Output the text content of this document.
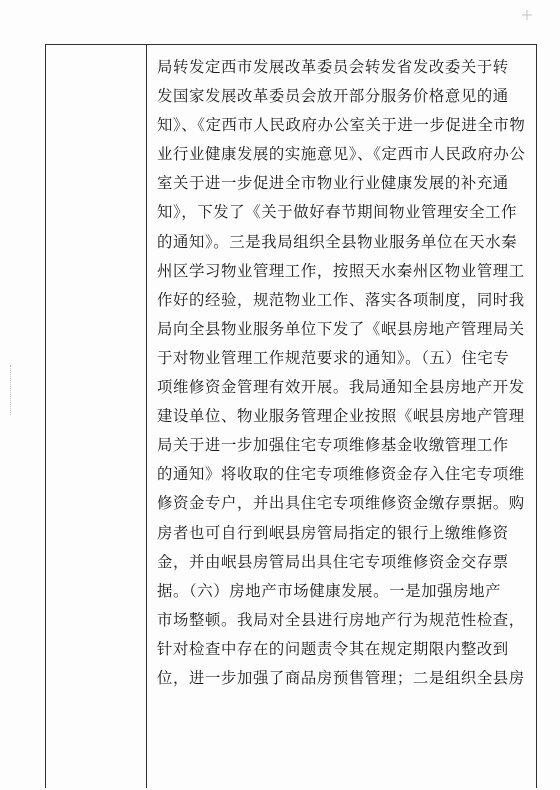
局转发定西市发展改革委员会转发省发改委关于转
发国家发展改革委员会放开部分服务价格意见的通
知》、《定西市人民政府办公室关于进一步促进全市物
业行业健康发展的实施意见》、《定西市人民政府办公
室关于进一步促进全市物业行业健康发展的补充通
知》，下发了《关于做好春节期间物业管理安全工作
的通知》。三是我局组织全县物业服务单位在天水秦
州区学习物业管理工作，按照天水秦州区物业管理工
作好的经验，规范物业工作、落实各项制度，同时我
局向全县物业服务单位下发了《岷县房地产管理局关
于对物业管理工作规范要求的通知》。（五）住宅专
项维修资金管理有效开展。我局通知全县房地产开发
建设单位、物业服务管理企业按照《岷县房地产管理
局关于进一步加强住宅专项维修基金收缴管理工作
的通知》将收取的住宅专项维修资金存入住宅专项维
修资金专户，并出具住宅专项维修资金缴存票据。购
房者也可自行到岷县房管局指定的银行上缴维修资
金，并由岷县房管局出具住宅专项维修资金交存票
据。（六）房地产市场健康发展。一是加强房地产
市场整顿。我局对全县进行房地产行为规范性检查，
针对检查中存在的问题责令其在规定期限内整改到
位，进一步加强了商品房预售管理；二是组织全县房
